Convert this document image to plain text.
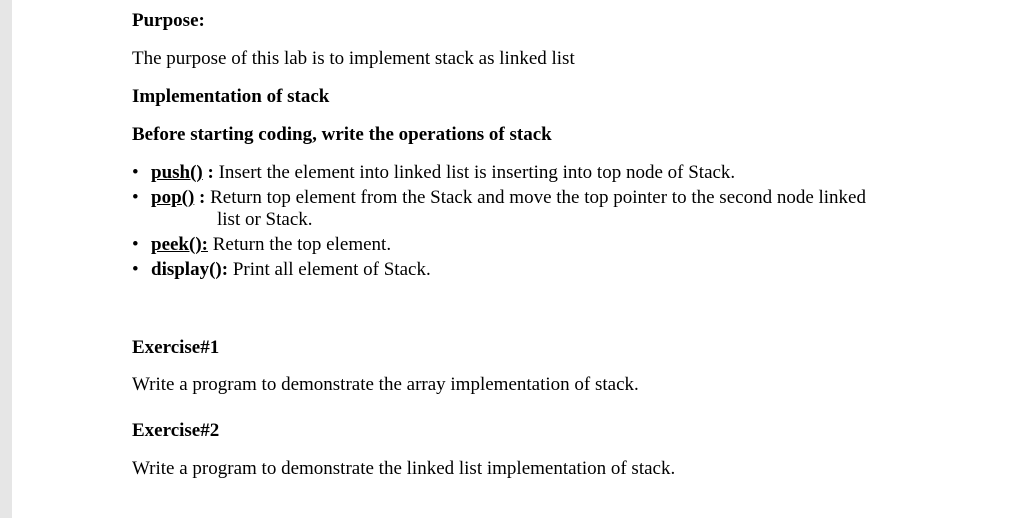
Purpose:
The purpose of this lab is to implement stack as linked list
Implementation of stack
Before starting coding, write the operations of stack
• push() : Insert the element into linked list is inserting into top node of Stack.
• pop() : Return top element from the Stack and move the top pointer to the second node linked
list or Stack.
• peek(): Return the top element.
• display(): Print all element of Stack.
Exercise#1
Write a program to demonstrate the array implementation of stack.
Exercise#2
Write a program to demonstrate the linked list implementation of stack.
